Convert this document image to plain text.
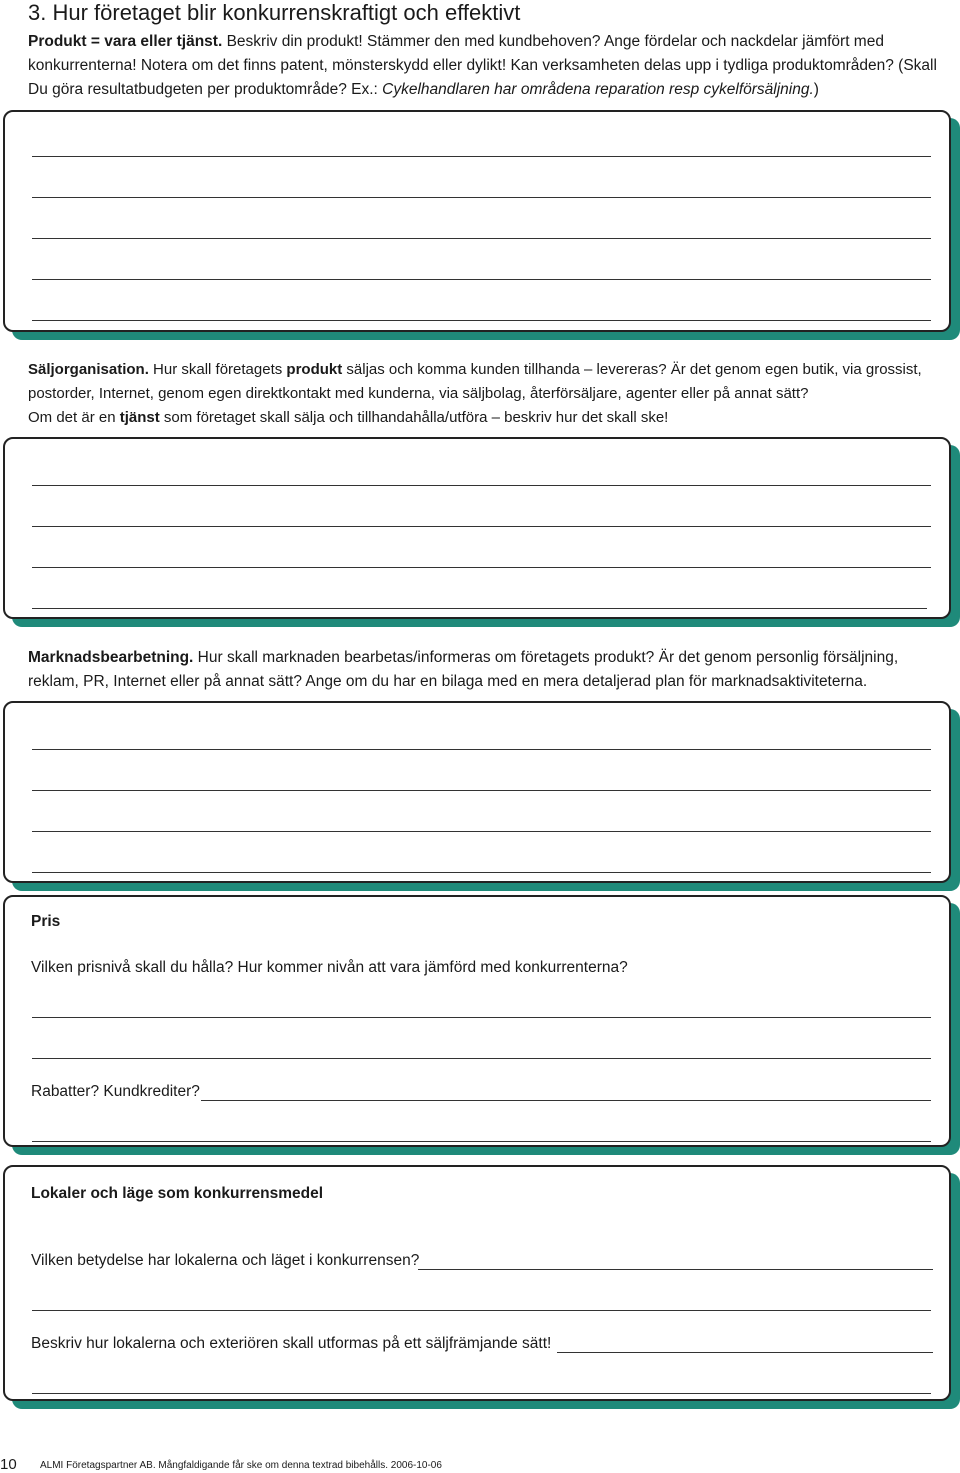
3. Hur företaget blir konkurrenskraftigt och effektivt
Produkt = vara eller tjänst. Beskriv din produkt! Stämmer den med kundbehoven? Ange fördelar och nackdelar jämfört med konkurrenterna! Notera om det finns patent, mönsterskydd eller dylikt! Kan verksamheten delas upp i tydliga produktområden? (Skall Du göra resultatbudgeten per produktområde? Ex.: Cykelhandlaren har områdena reparation resp cykelförsäljning.)
Säljorganisation. Hur skall företagets produkt säljas och komma kunden tillhanda – levereras? Är det genom egen butik, via grossist, postorder, Internet, genom egen direktkontakt med kunderna, via säljbolag, återförsäljare, agenter eller på annat sätt?
Om det är en tjänst som företaget skall sälja och tillhandahålla/utföra – beskriv hur det skall ske!
Marknadsbearbetning. Hur skall marknaden bearbetas/informeras om företagets produkt? Är det genom personlig försäljning, reklam, PR, Internet eller på annat sätt? Ange om du har en bilaga med en mera detaljerad plan för marknadsaktiviteterna.
Pris
Vilken prisnivå skall du hålla? Hur kommer nivån att vara jämförd med konkurrenterna?
Rabatter? Kundkrediter?
Lokaler och läge som konkurrensmedel
Vilken betydelse har lokalerna och läget i konkurrensen?
Beskriv hur lokalerna och exteriören skall utformas på ett säljfrämjande sätt!
10 ALMI Företagspartner AB. Mångfaldigande får ske om denna textrad bibehålls. 2006-10-06
